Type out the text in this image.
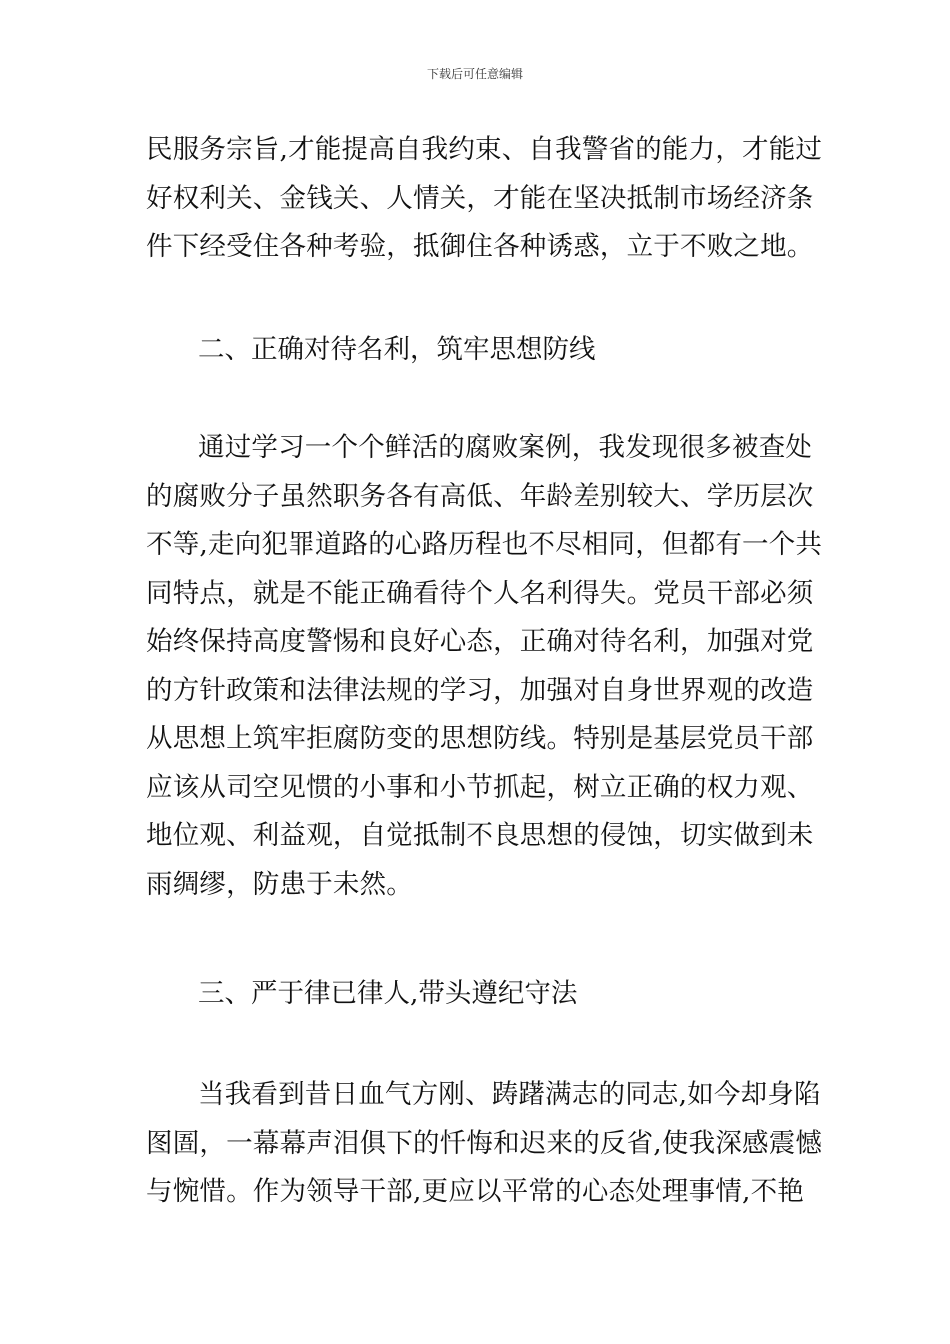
下载后可任意编辑
民服务宗旨,才能提高自我约束、自我警省的能力，才能过
好权利关、金钱关、人情关，才能在坚决抵制市场经济条
件下经受住各种考验，抵御住各种诱惑，立于不败之地。
二、正确对待名利，筑牢思想防线
通过学习一个个鲜活的腐败案例，我发现很多被查处
的腐败分子虽然职务各有高低、年龄差别较大、学历层次
不等,走向犯罪道路的心路历程也不尽相同，但都有一个共
同特点，就是不能正确看待个人名利得失。党员干部必须
始终保持高度警惕和良好心态，正确对待名利，加强对党
的方针政策和法律法规的学习，加强对自身世界观的改造
从思想上筑牢拒腐防变的思想防线。特别是基层党员干部
应该从司空见惯的小事和小节抓起，树立正确的权力观、
地位观、利益观，自觉抵制不良思想的侵蚀，切实做到未
雨绸缪，防患于未然。
三、严于律已律人,带头遵纪守法
当我看到昔日血气方刚、踌躇满志的同志,如今却身陷
图圄，一幕幕声泪俱下的忏悔和迟来的反省,使我深感震憾
与惋惜。作为领导干部,更应以平常的心态处理事情,不艳
